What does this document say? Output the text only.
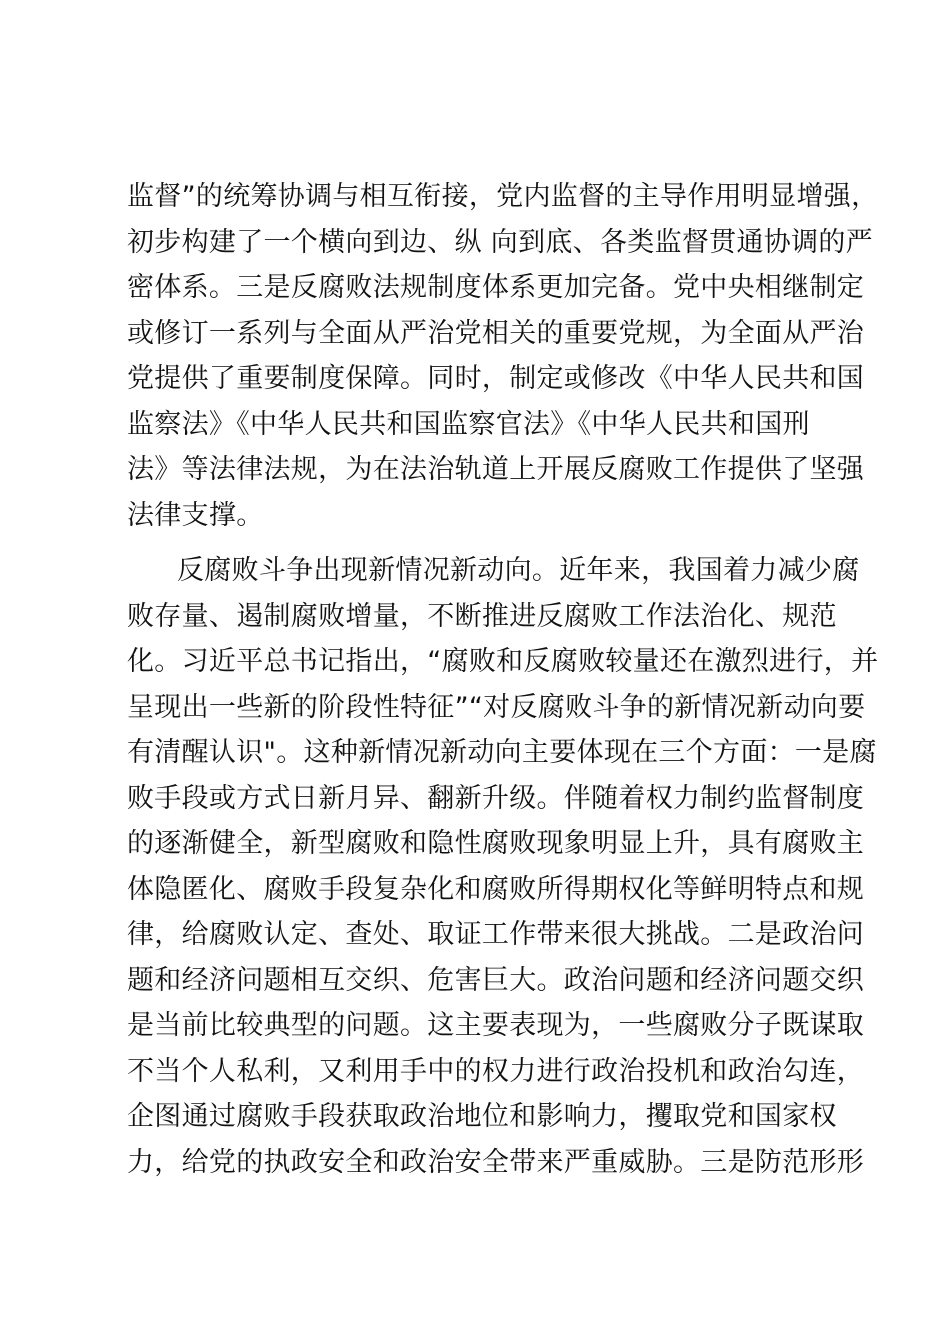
监督”的统筹协调与相互衔接，党内监督的主导作用明显增强，
初步构建了一个横向到边、纵 向到底、各类监督贯通协调的严
密体系。三是反腐败法规制度体系更加完备。党中央相继制定
或修订一系列与全面从严治党相关的重要党规，为全面从严治
党提供了重要制度保障。同时，制定或修改《中华人民共和国
监察法》《中华人民共和国监察官法》《中华人民共和国刑
法》等法律法规，为在法治轨道上开展反腐败工作提供了坚强
法律支撑。
反腐败斗争出现新情况新动向。近年来，我国着力减少腐
败存量、遏制腐败增量，不断推进反腐败工作法治化、规范
化。习近平总书记指出，“腐败和反腐败较量还在激烈进行，并
呈现出一些新的阶段性特征”“对反腐败斗争的新情况新动向要
有清醒认识"。这种新情况新动向主要体现在三个方面：一是腐
败手段或方式日新月异、翻新升级。伴随着权力制约监督制度
的逐渐健全，新型腐败和隐性腐败现象明显上升，具有腐败主
体隐匿化、腐败手段复杂化和腐败所得期权化等鲜明特点和规
律，给腐败认定、查处、取证工作带来很大挑战。二是政治问
题和经济问题相互交织、危害巨大。政治问题和经济问题交织
是当前比较典型的问题。这主要表现为，一些腐败分子既谋取
不当个人私利，又利用手中的权力进行政治投机和政治勾连，
企图通过腐败手段获取政治地位和影响力，攫取党和国家权
力，给党的执政安全和政治安全带来严重威胁。三是防范形形
